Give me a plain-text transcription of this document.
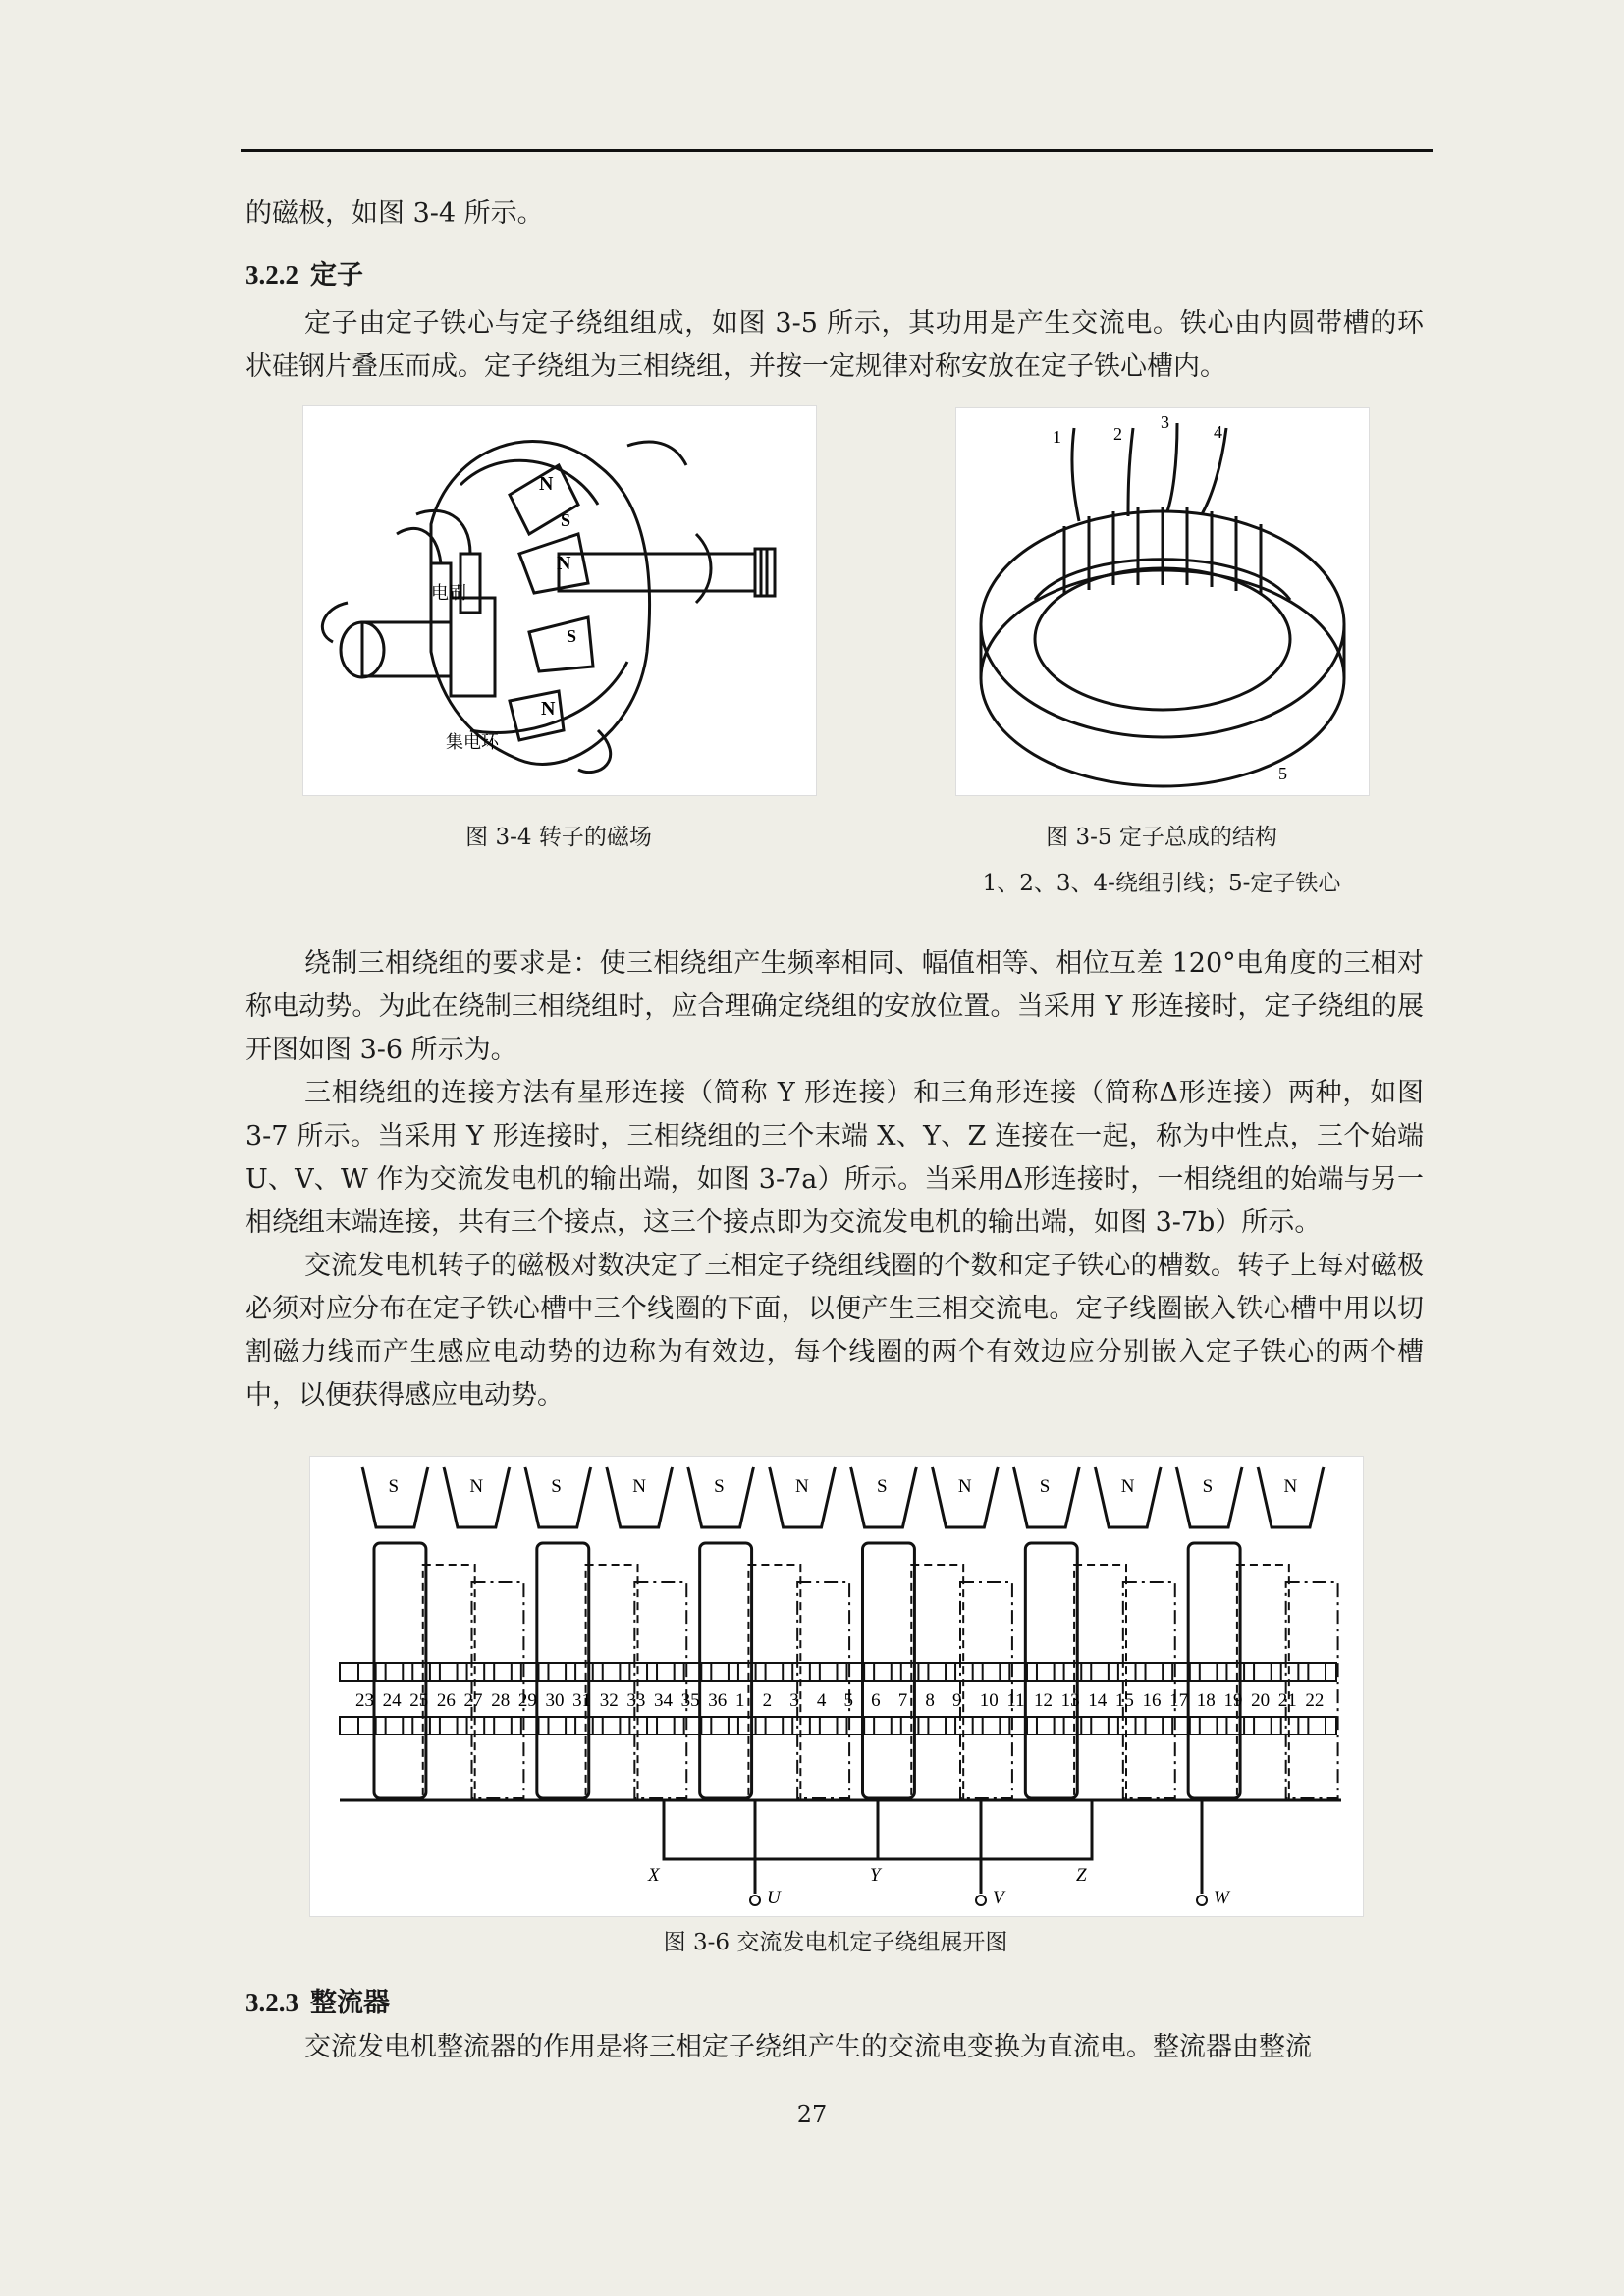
的磁极，如图 3-4 所示。
3.2.2 定子

定子由定子铁心与定子绕组组成，如图 3-5 所示，其功用是产生交流电。铁心由内圆带槽的环状硅钢片叠压而成。定子绕组为三相绕组，并按一定规律对称安放在定子铁心槽内。

电刷
集电环
N
S
N
S
N
图 3-4 转子的磁场
1	2
3	4
5
图 3-5 定子总成的结构
1、2、3、4-绕组引线；5-定子铁心

绕制三相绕组的要求是：使三相绕组产生频率相同、幅值相等、相位互差 120°电角度的三相对称电动势。为此在绕制三相绕组时，应合理确定绕组的安放位置。当采用 Y 形连接时，定子绕组的展开图如图 3-6 所示为。

三相绕组的连接方法有星形连接（简称 Y 形连接）和三角形连接（简称Δ形连接）两种，如图 3-7 所示。当采用 Y 形连接时，三相绕组的三个末端 X、Y、Z 连接在一起，称为中性点，三个始端 U、V、W 作为交流发电机的输出端，如图 3-7a）所示。当采用Δ形连接时，一相绕组的始端与另一相绕组末端连接，共有三个接点，这三个接点即为交流发电机的输出端，如图 3-7b）所示。

交流发电机转子的磁极对数决定了三相定子绕组线圈的个数和定子铁心的槽数。转子上每对磁极必须对应分布在定子铁心槽中三个线圈的下面，以便产生三相交流电。定子线圈嵌入铁心槽中用以切割磁力线而产生感应电动势的边称为有效边，每个线圈的两个有效边应分别嵌入定子铁心的两个槽中，以便获得感应电动势。

S	N	S	N	S	N	S	N	S	N	S	N
23 24 25 26 27 28 29 30 31 32 33 34 35 36 1 2 3 4 5 6 7 8 9 10 11 12 13 14 15 16 17 18 19 20 21 22
X	Y	Z
U	V	W
图 3-6 交流发电机定子绕组展开图
3.2.3 整流器

交流发电机整流器的作用是将三相定子绕组产生的交流电变换为直流电。整流器由整流

27
